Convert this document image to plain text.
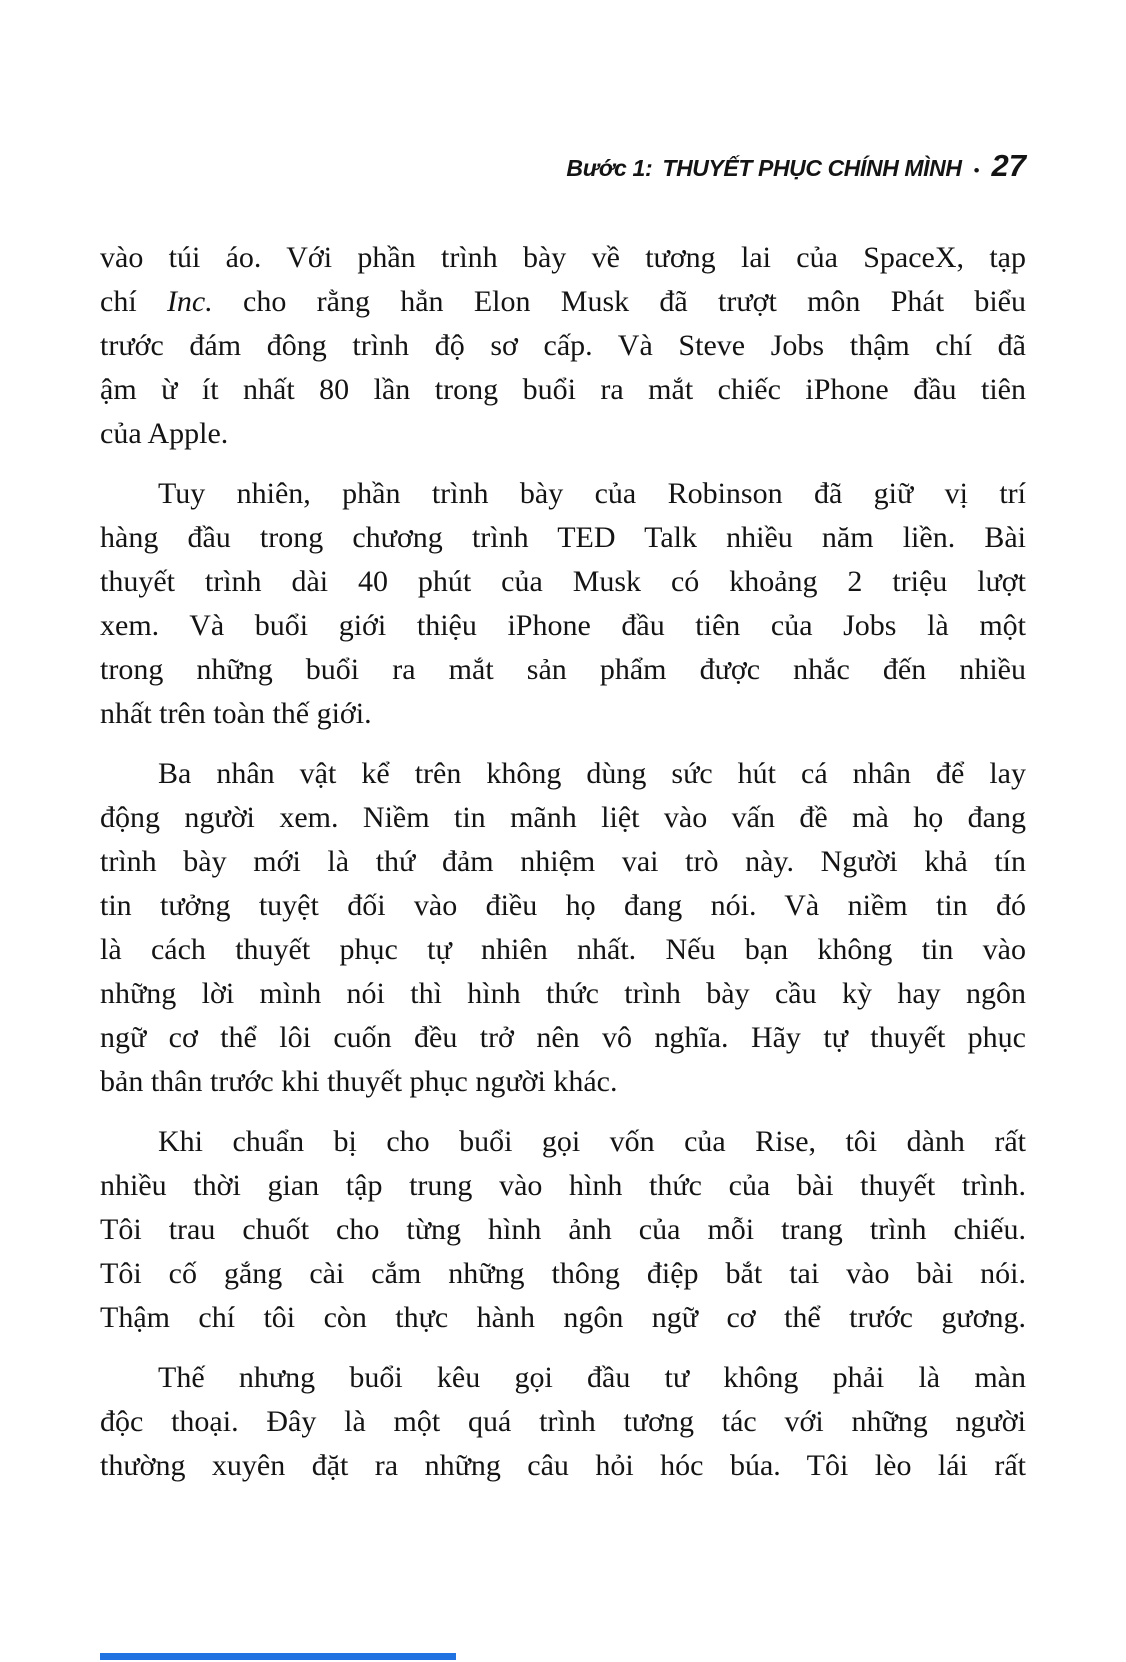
Bước 1: THUYẾT PHỤC CHÍNH MÌNH • 27
vào túi áo. Với phần trình bày về tương lai của SpaceX, tạp
chí Inc. cho rằng hẳn Elon Musk đã trượt môn Phát biểu
trước đám đông trình độ sơ cấp. Và Steve Jobs thậm chí đã
ậm ừ ít nhất 80 lần trong buổi ra mắt chiếc iPhone đầu tiên
của Apple.
Tuy nhiên, phần trình bày của Robinson đã giữ vị trí
hàng đầu trong chương trình TED Talk nhiều năm liền. Bài
thuyết trình dài 40 phút của Musk có khoảng 2 triệu lượt
xem. Và buổi giới thiệu iPhone đầu tiên của Jobs là một
trong những buổi ra mắt sản phẩm được nhắc đến nhiều
nhất trên toàn thế giới.
Ba nhân vật kể trên không dùng sức hút cá nhân để lay
động người xem. Niềm tin mãnh liệt vào vấn đề mà họ đang
trình bày mới là thứ đảm nhiệm vai trò này. Người khả tín
tin tưởng tuyệt đối vào điều họ đang nói. Và niềm tin đó
là cách thuyết phục tự nhiên nhất. Nếu bạn không tin vào
những lời mình nói thì hình thức trình bày cầu kỳ hay ngôn
ngữ cơ thể lôi cuốn đều trở nên vô nghĩa. Hãy tự thuyết phục
bản thân trước khi thuyết phục người khác.
Khi chuẩn bị cho buổi gọi vốn của Rise, tôi dành rất
nhiều thời gian tập trung vào hình thức của bài thuyết trình.
Tôi trau chuốt cho từng hình ảnh của mỗi trang trình chiếu.
Tôi cố gắng cài cắm những thông điệp bắt tai vào bài nói.
Thậm chí tôi còn thực hành ngôn ngữ cơ thể trước gương.
Thế nhưng buổi kêu gọi đầu tư không phải là màn
độc thoại. Đây là một quá trình tương tác với những người
thường xuyên đặt ra những câu hỏi hóc búa. Tôi lèo lái rất
